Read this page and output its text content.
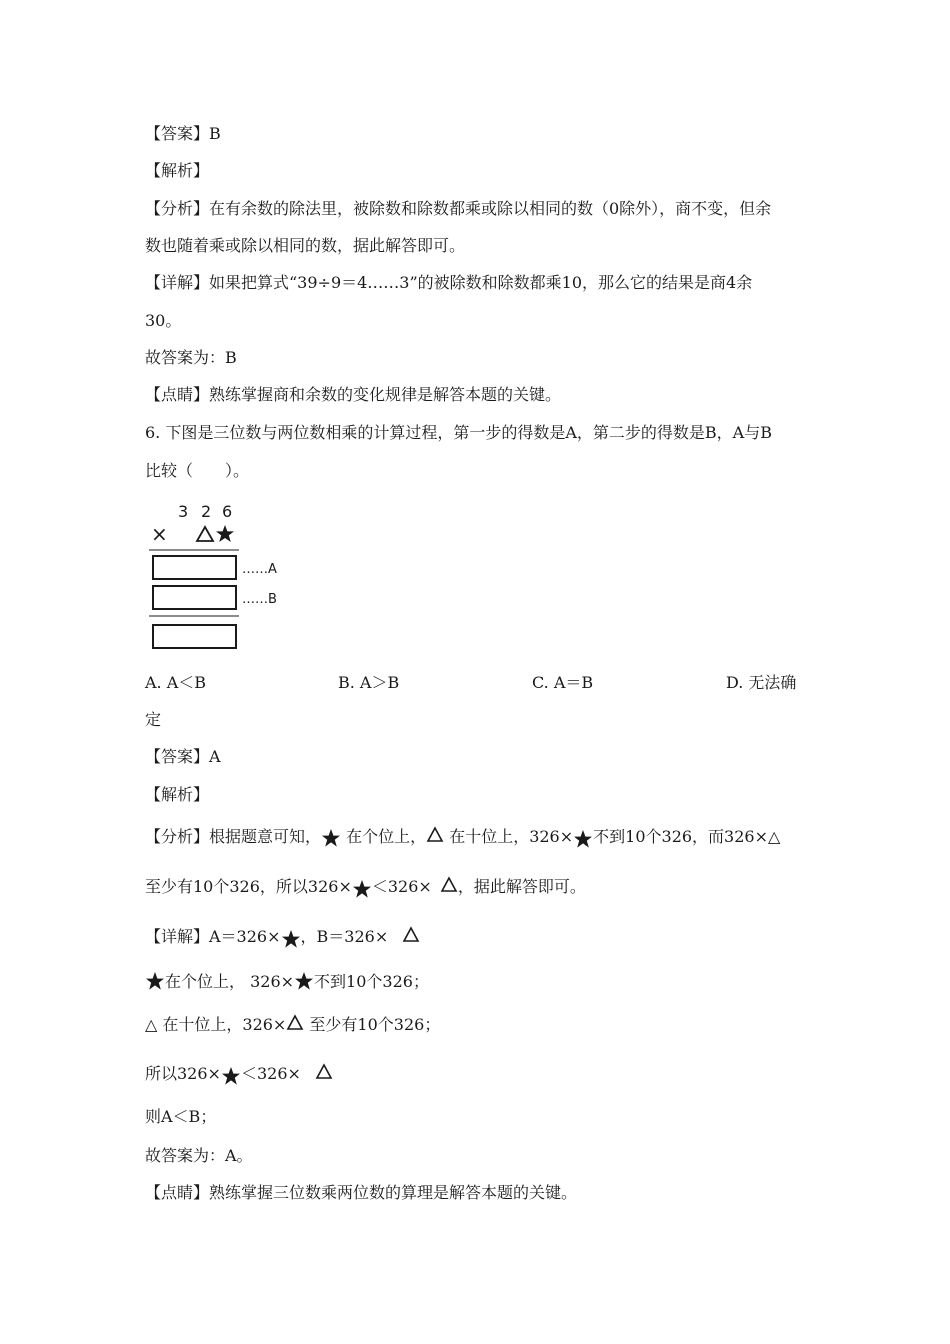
【答案】B
【解析】
【分析】在有余数的除法里，被除数和除数都乘或除以相同的数（0除外），商不变，但余
数也随着乘或除以相同的数，据此解答即可。
【详解】如果把算式“39÷9＝4……3”的被除数和除数都乘10，那么它的结果是商4余
30。
故答案为：B
【点睛】熟练掌握商和余数的变化规律是解答本题的关键。
6. 下图是三位数与两位数相乘的计算过程，第一步的得数是A，第二步的得数是B，A与B
比较（　　）。
3 2 6
×
……A
……B
A. A＜B	B. A＞B	C. A＝B	D. 无法确
定
【答案】A
【解析】
【分析】根据题意可知， 在个位上， 在十位上，326× 不到10个326，而326×△
至少有10个326，所以326× ＜326× ，据此解答即可。
【详解】A＝326× ，B＝326×
在个位上， 326× 不到10个326；
△ 在十位上，326× 至少有10个326；
所以326× ＜326×
则A＜B；
故答案为：A。
【点睛】熟练掌握三位数乘两位数的算理是解答本题的关键。
